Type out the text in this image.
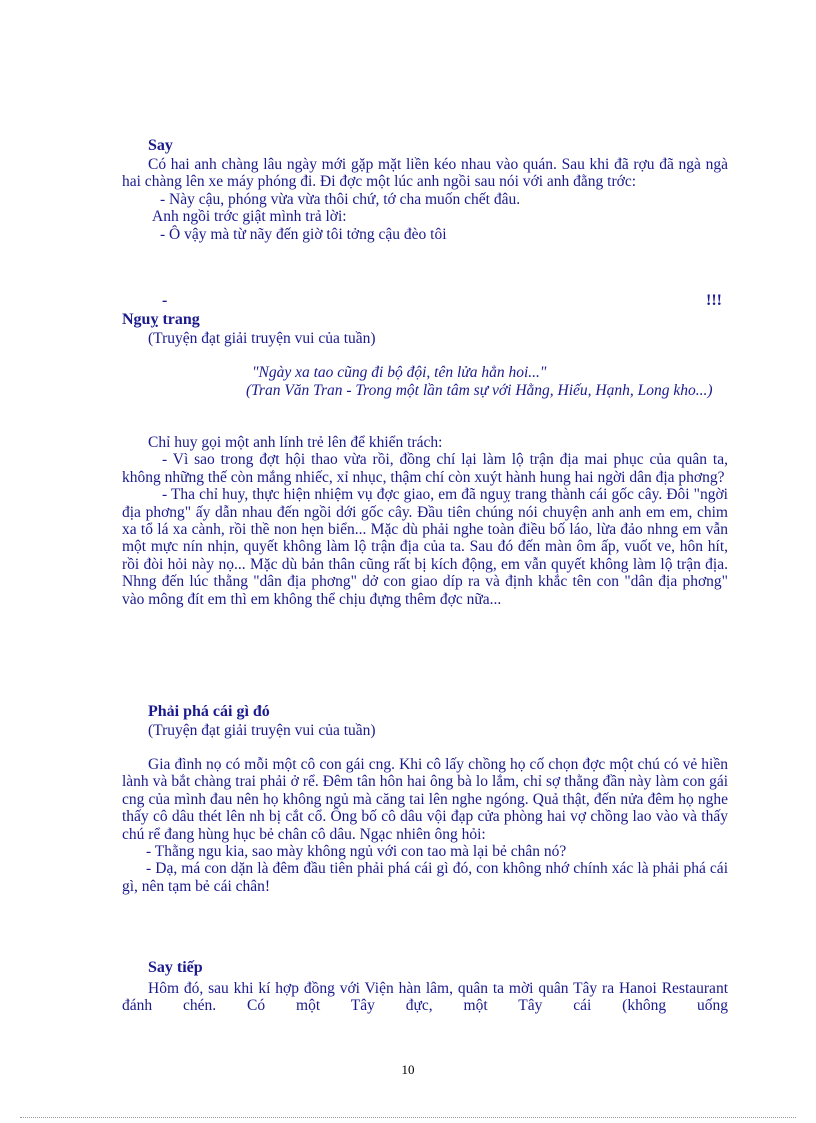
Say

Có hai anh chàng lâu ngày mới gặp mặt liền kéo nhau vào quán. Sau khi đã rợu đã ngà ngà hai chàng lên xe máy phóng đi. Đi đợc một lúc anh ngồi sau nói với anh đằng trớc:

- Này cậu, phóng vừa vừa thôi chứ, tớ cha muốn chết đâu.

Anh ngồi trớc giật mình trả lời:

- Ô vậy mà từ nãy đến giờ tôi tởng cậu đèo tôi

-	!!!
Nguỵ trang

(Truyện đạt giải truyện vui của tuần)

"Ngày xa tao cũng đi bộ đội, tên lửa hẳn hoi..."

(Tran Văn Tran - Trong một lần tâm sự với Hằng, Hiếu, Hạnh, Long kho...)

Chỉ huy gọi một anh lính trẻ lên để khiển trách:

- Vì sao trong đợt hội thao vừa rồi, đồng chí lại làm lộ trận địa mai phục của quân ta, không những thế còn mắng nhiếc, xỉ nhục, thậm chí còn xuýt hành hung hai ngời dân địa phơng?

- Tha chỉ huy, thực hiện nhiệm vụ đợc giao, em đã nguỵ trang thành cái gốc cây. Đôi "ngời địa phơng" ấy dẫn nhau đến ngồi dới gốc cây. Đầu tiên chúng nói chuyện anh anh em em, chim xa tổ lá xa cành, rồi thề non hẹn biển... Mặc dù phải nghe toàn điều bố láo, lừa đảo nhng em vẫn một mực nín nhịn, quyết không làm lộ trận địa của ta. Sau đó đến màn ôm ấp, vuốt ve, hôn hít, rồi đòi hỏi này nọ... Mặc dù bản thân cũng rất bị kích động, em vẫn quyết không làm lộ trận địa. Nhng đến lúc thằng "dân địa phơng" dở con giao díp ra và định khắc tên con "dân địa phơng" vào mông đít em thì em không thể chịu đựng thêm đợc nữa...

Phải phá cái gì đó

(Truyện đạt giải truyện vui của tuần)

Gia đình nọ có mỗi một cô con gái cng. Khi cô lấy chồng họ cố chọn đợc một chú có vẻ hiền lành và bắt chàng trai phải ở rể. Đêm tân hôn hai ông bà lo lắm, chỉ sợ thằng đần này làm con gái cng của mình đau nên họ không ngủ mà căng tai lên nghe ngóng. Quả thật, đến nửa đêm họ nghe thấy cô dâu thét lên nh bị cắt cổ. Ông bố cô dâu vội đạp cửa phòng hai vợ chồng lao vào và thấy chú rể đang hùng hục bẻ chân cô dâu. Ngạc nhiên ông hỏi:

- Thằng ngu kia, sao mày không ngủ với con tao mà lại bẻ chân nó?

- Dạ, má con dặn là đêm đầu tiên phải phá cái gì đó, con không nhớ chính xác là phải phá cái gì, nên tạm bẻ cái chân!

Say tiếp

Hôm đó, sau khi kí hợp đồng với Viện hàn lâm, quân ta mời quân Tây ra Hanoi Restaurant đánh chén. Có một Tây đực, một Tây cái (không uống

10
